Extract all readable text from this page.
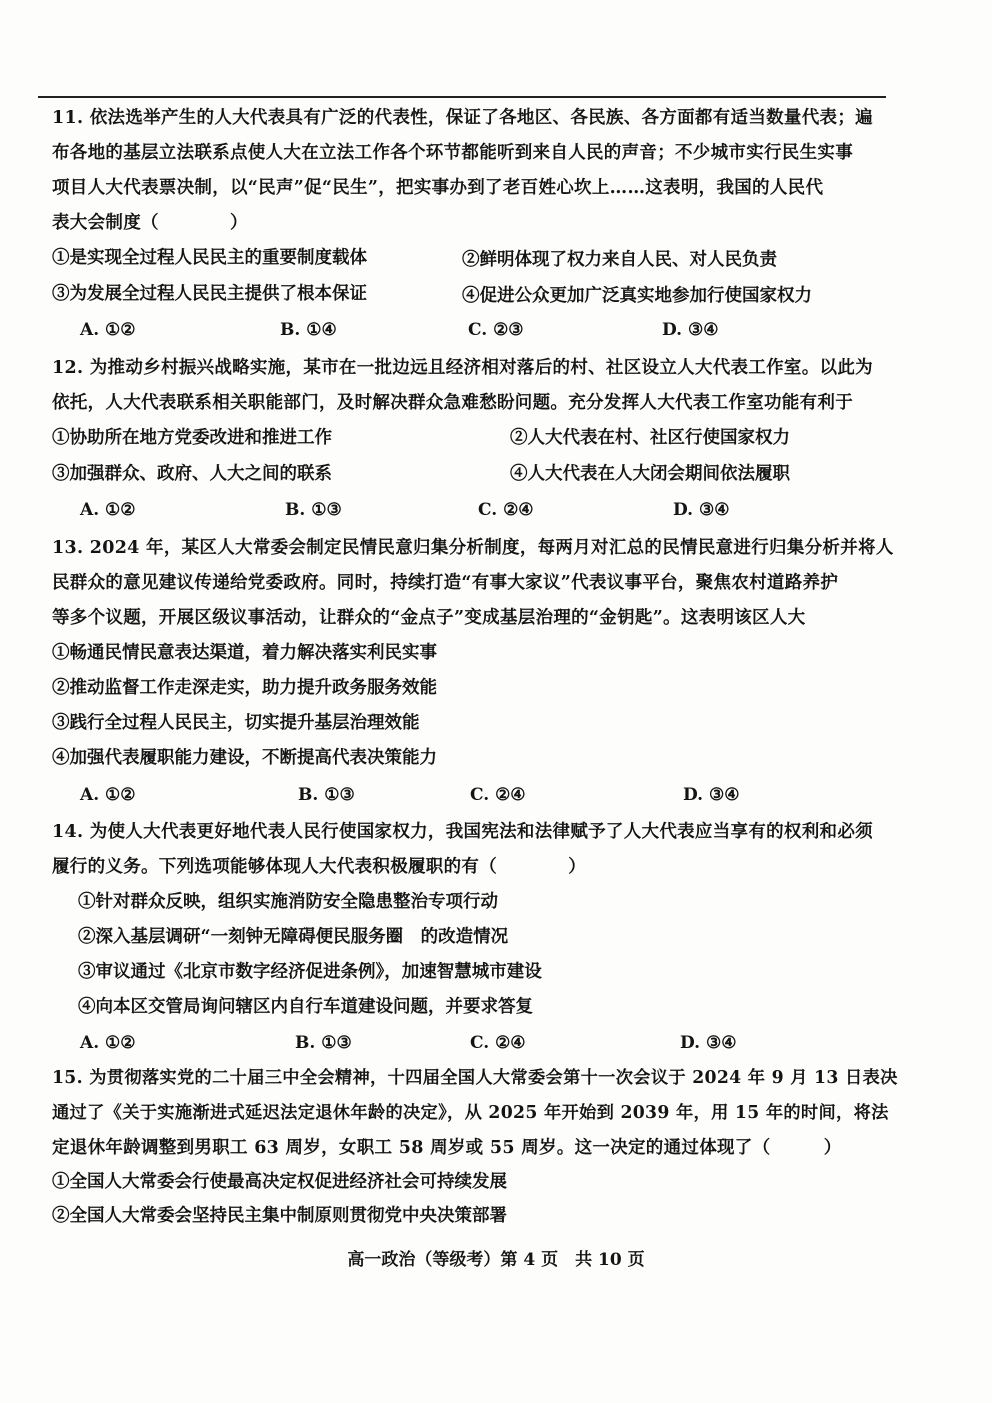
11. 依法选举产生的人大代表具有广泛的代表性，保证了各地区、各民族、各方面都有适当数量代表；遍
布各地的基层立法联系点使人大在立法工作各个环节都能听到来自人民的声音；不少城市实行民生实事
项目人大代表票决制，以“民声”促“民生”，把实事办到了老百姓心坎上……这表明，我国的人民代
表大会制度（　　　　）
①是实现全过程人民民主的重要制度载体	②鲜明体现了权力来自人民、对人民负责
③为发展全过程人民民主提供了根本保证	④促进公众更加广泛真实地参加行使国家权力
A. ①②	B. ①④	C. ②③	D. ③④
12. 为推动乡村振兴战略实施，某市在一批边远且经济相对落后的村、社区设立人大代表工作室。以此为
依托，人大代表联系相关职能部门，及时解决群众急难愁盼问题。充分发挥人大代表工作室功能有利于
①协助所在地方党委改进和推进工作	②人大代表在村、社区行使国家权力
③加强群众、政府、人大之间的联系	④人大代表在人大闭会期间依法履职
A. ①②	B. ①③	C. ②④	D. ③④
13. 2024 年，某区人大常委会制定民情民意归集分析制度，每两月对汇总的民情民意进行归集分析并将人
民群众的意见建议传递给党委政府。同时，持续打造“有事大家议”代表议事平台，聚焦农村道路养护
等多个议题，开展区级议事活动，让群众的“金点子”变成基层治理的“金钥匙”。这表明该区人大
①畅通民情民意表达渠道，着力解决落实利民实事
②推动监督工作走深走实，助力提升政务服务效能
③践行全过程人民民主，切实提升基层治理效能
④加强代表履职能力建设，不断提高代表决策能力
A. ①②	B. ①③	C. ②④	D. ③④
14. 为使人大代表更好地代表人民行使国家权力，我国宪法和法律赋予了人大代表应当享有的权利和必须
履行的义务。下列选项能够体现人大代表积极履职的有（　　　　）
①针对群众反映，组织实施消防安全隐患整治专项行动
②深入基层调研“一刻钟无障碍便民服务圈　的改造情况
③审议通过《北京市数字经济促进条例》，加速智慧城市建设
④向本区交管局询问辖区内自行车道建设问题，并要求答复
A. ①②	B. ①③	C. ②④	D. ③④
15. 为贯彻落实党的二十届三中全会精神，十四届全国人大常委会第十一次会议于 2024 年 9 月 13 日表决
通过了《关于实施渐进式延迟法定退休年龄的决定》，从 2025 年开始到 2039 年，用 15 年的时间，将法
定退休年龄调整到男职工 63 周岁，女职工 58 周岁或 55 周岁。这一决定的通过体现了（　　　）
①全国人大常委会行使最高决定权促进经济社会可持续发展
②全国人大常委会坚持民主集中制原则贯彻党中央决策部署
高一政治（等级考）第 4 页　共 10 页
